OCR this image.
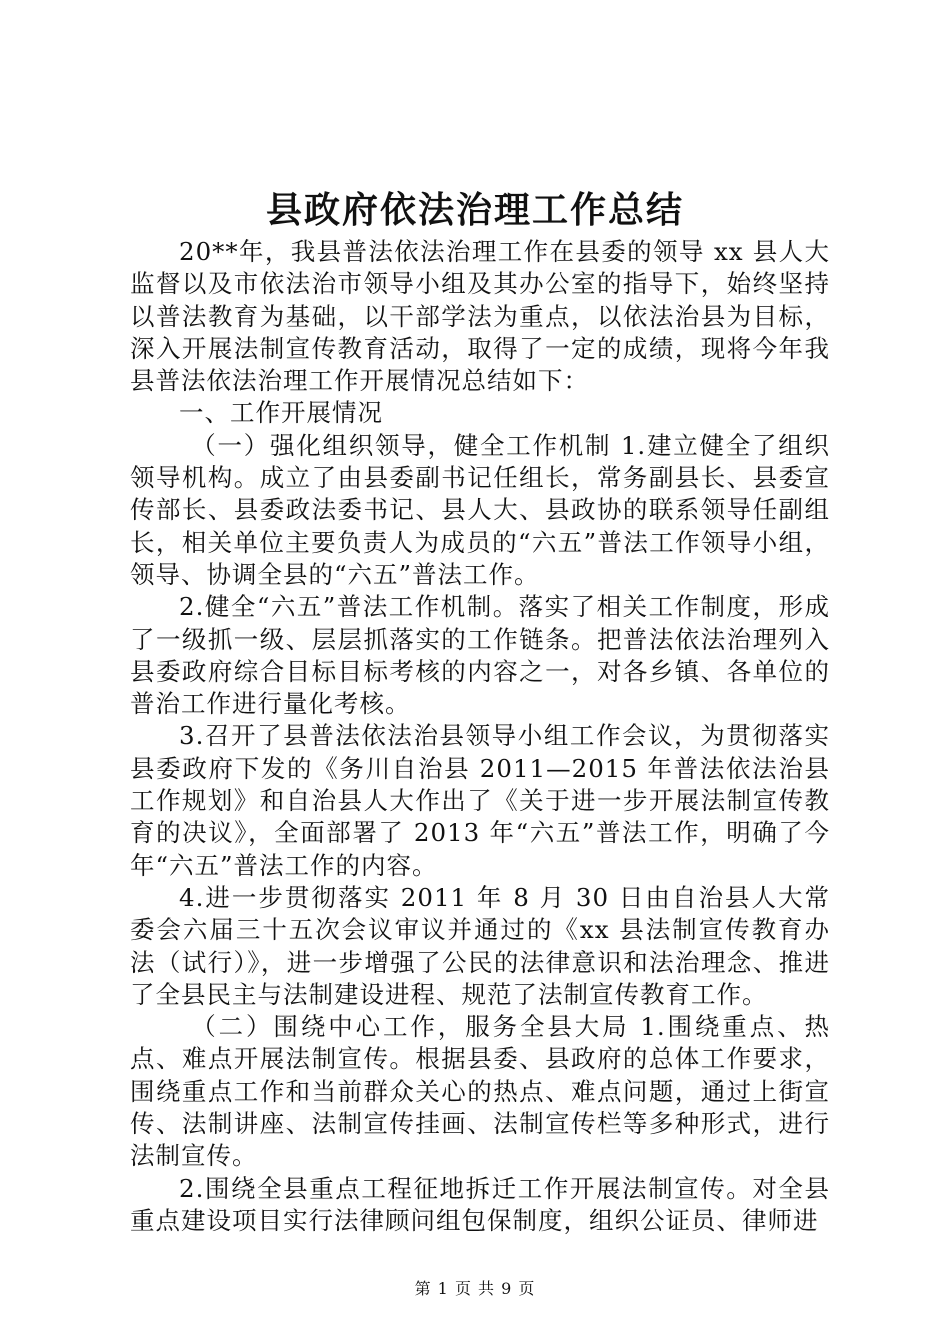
县政府依法治理工作总结

20**年，我县普法依法治理工作在县委的领导 xx 县人大监督以及市依法治市领导小组及其办公室的指导下，始终坚持以普法教育为基础，以干部学法为重点，以依法治县为目标，深入开展法制宣传教育活动，取得了一定的成绩，现将今年我县普法依法治理工作开展情况总结如下：

一、工作开展情况

（一）强化组织领导，健全工作机制 1.建立健全了组织领导机构。成立了由县委副书记任组长，常务副县长、县委宣传部长、县委政法委书记、县人大、县政协的联系领导任副组长，相关单位主要负责人为成员的“六五”普法工作领导小组，领导、协调全县的“六五”普法工作。

2.健全“六五”普法工作机制。落实了相关工作制度，形成了一级抓一级、层层抓落实的工作链条。把普法依法治理列入县委政府综合目标目标考核的内容之一，对各乡镇、各单位的普治工作进行量化考核。

3.召开了县普法依法治县领导小组工作会议，为贯彻落实县委政府下发的《务川自治县 2011—2015 年普法依法治县工作规划》和自治县人大作出了《关于进一步开展法制宣传教育的决议》，全面部署了 2013 年“六五”普法工作，明确了今年“六五”普法工作的内容。

4.进一步贯彻落实 2011 年 8 月 30 日由自治县人大常委会六届三十五次会议审议并通过的《xx 县法制宣传教育办法（试行）》，进一步增强了公民的法律意识和法治理念、推进了全县民主与法制建设进程、规范了法制宣传教育工作。

（二）围绕中心工作，服务全县大局 1.围绕重点、热点、难点开展法制宣传。根据县委、县政府的总体工作要求，围绕重点工作和当前群众关心的热点、难点问题，通过上街宣传、法制讲座、法制宣传挂画、法制宣传栏等多种形式，进行法制宣传。

2.围绕全县重点工程征地拆迁工作开展法制宣传。对全县重点建设项目实行法律顾问组包保制度，组织公证员、律师进

第 1 页 共 9 页
